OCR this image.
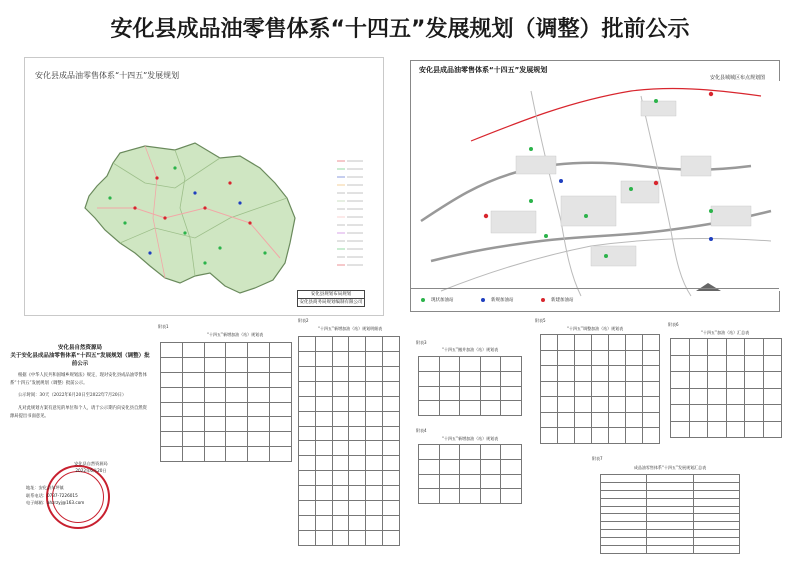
安化县成品油零售体系“十四五”发展规划（调整）批前公示
安化县成品油零售体系“十四五”发展规划
安化县规划布局规划
安化县商务局规划编制有限公司
安化县成品油零售体系“十四五”发展规划
安化县城城区布点规划图
现状加油站	新规加油站	新建加油站
安化县自然资源局
关于安化县成品油零售体系“十四五”发展规划（调整）批前公示
根据《中华人民共和国城乡规划法》规定，现对安化县成品油零售体系“十四五”发展规划（调整）批前公示。
公示时间：30天（2022年6月20日至2022年7月20日）
凡对此规划方案有意见的单位和个人，请于公示期内向安化县自然资源局提出书面意见。
安化县自然资源局
2022年6月20日
地址：安化县东坪镇
联系电话：0737-7226015
电子邮箱：ahzrzyj@163.com
附表1
“十四五”新增加油（站）规划表

附表2
“十四五”新增加油（站）规划明细表

附表3
“十四五”撤并加油（站）规划表

附表4
“十四五”新增加油（站）规划表

附表5
“十四五”调整加油（站）规划表

附表6
“十四五”加油（站）汇总表

附表7
成品油零售体系“十四五”发展规划汇总表
